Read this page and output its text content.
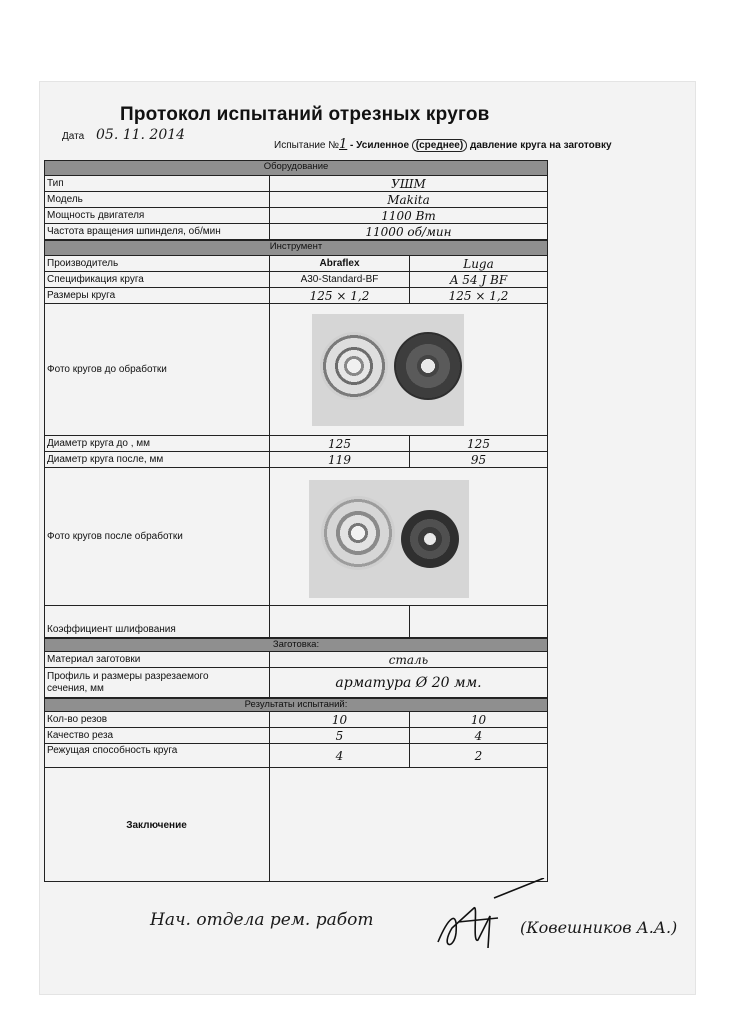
Протокол испытаний отрезных кругов
Дата 05. 11. 2014
Испытание №1 - Усиленное (среднее) давление круга на заготовку
Оборудование
Тип	УШМ
Модель	Makita
Мощность двигателя	1100 Вт
Частота вращения шпинделя, об/мин	11000 об/мин
Инструмент
Производитель	Abraflex	Luga
Спецификация круга	A30-Standard-BF	A 54 J BF
Размеры круга	125 × 1,2	125 × 1,2
Фото кругов до обработки
Диаметр круга до , мм	125	125
Диаметр круга после, мм	119	95
Фото кругов после обработки
Коэффициент шлифования
Заготовка:
Материал заготовки	сталь
Профиль и размеры разрезаемого
сечения, мм	арматура Ø 20 мм.
Результаты испытаний:
Кол-во резов	10	10
Качество реза	5	4
Режущая способность круга	4	2
Заключение
Нач. отдела рем. работ	(Ковешников А.А.)
